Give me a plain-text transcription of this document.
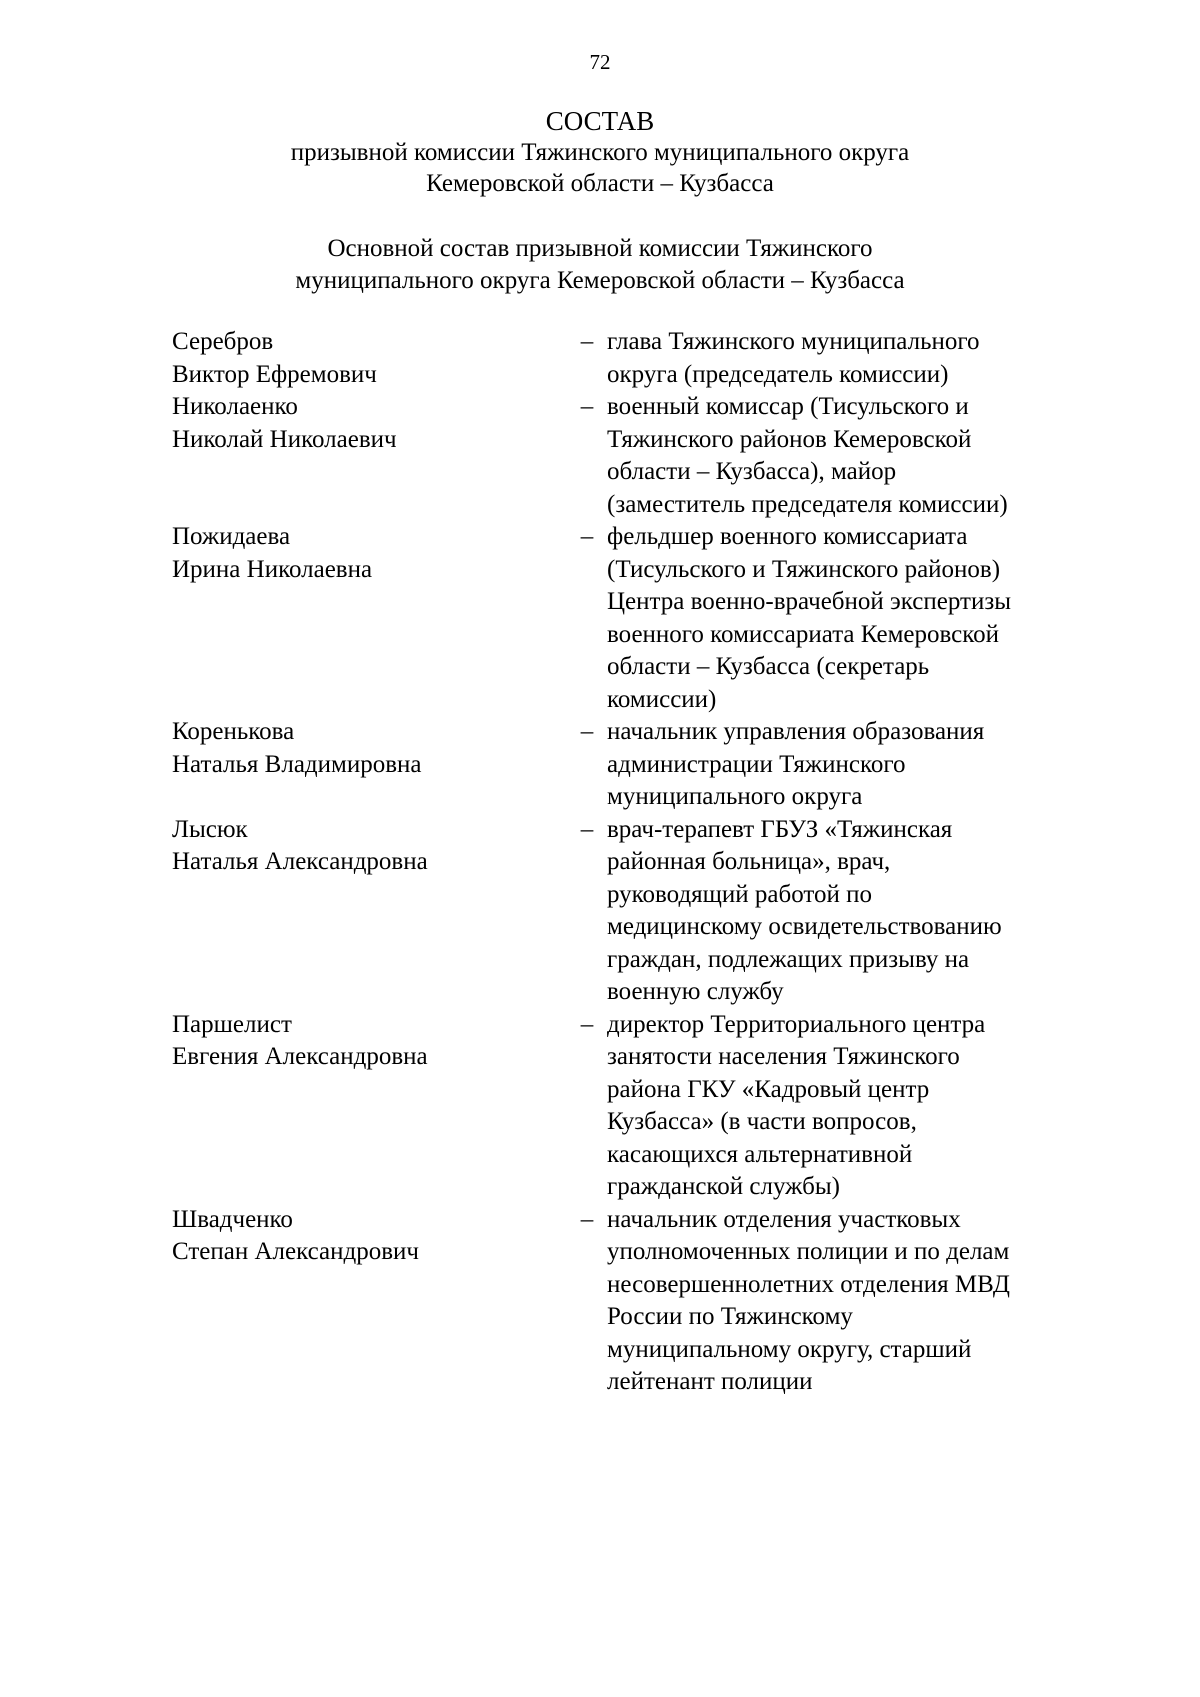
72
СОСТАВ
призывной комиссии Тяжинского муниципального округа
Кемеровской области – Кузбасса
Основной состав призывной комиссии Тяжинского
муниципального округа Кемеровской области – Кузбасса
Серебров
Виктор Ефремович
– глава Тяжинского муниципального
округа (председатель комиссии)
Николаенко
Николай Николаевич
– военный комиссар (Тисульского и
Тяжинского районов Кемеровской
области – Кузбасса), майор
(заместитель председателя комиссии)
Пожидаева
Ирина Николаевна
– фельдшер военного комиссариата
(Тисульского и Тяжинского районов)
Центра военно-врачебной экспертизы
военного комиссариата Кемеровской
области – Кузбасса (секретарь
комиссии)
Коренькова
Наталья Владимировна
– начальник управления образования
администрации Тяжинского
муниципального округа
Лысюк
Наталья Александровна
– врач-терапевт ГБУЗ «Тяжинская
районная больница», врач,
руководящий работой по
медицинскому освидетельствованию
граждан, подлежащих призыву на
военную службу
Паршелист
Евгения Александровна
– директор Территориального центра
занятости населения Тяжинского
района ГКУ «Кадровый центр
Кузбасса» (в части вопросов,
касающихся альтернативной
гражданской службы)
Швадченко
Степан Александрович
– начальник отделения участковых
уполномоченных полиции и по делам
несовершеннолетних отделения МВД
России по Тяжинскому
муниципальному округу, старший
лейтенант полиции
